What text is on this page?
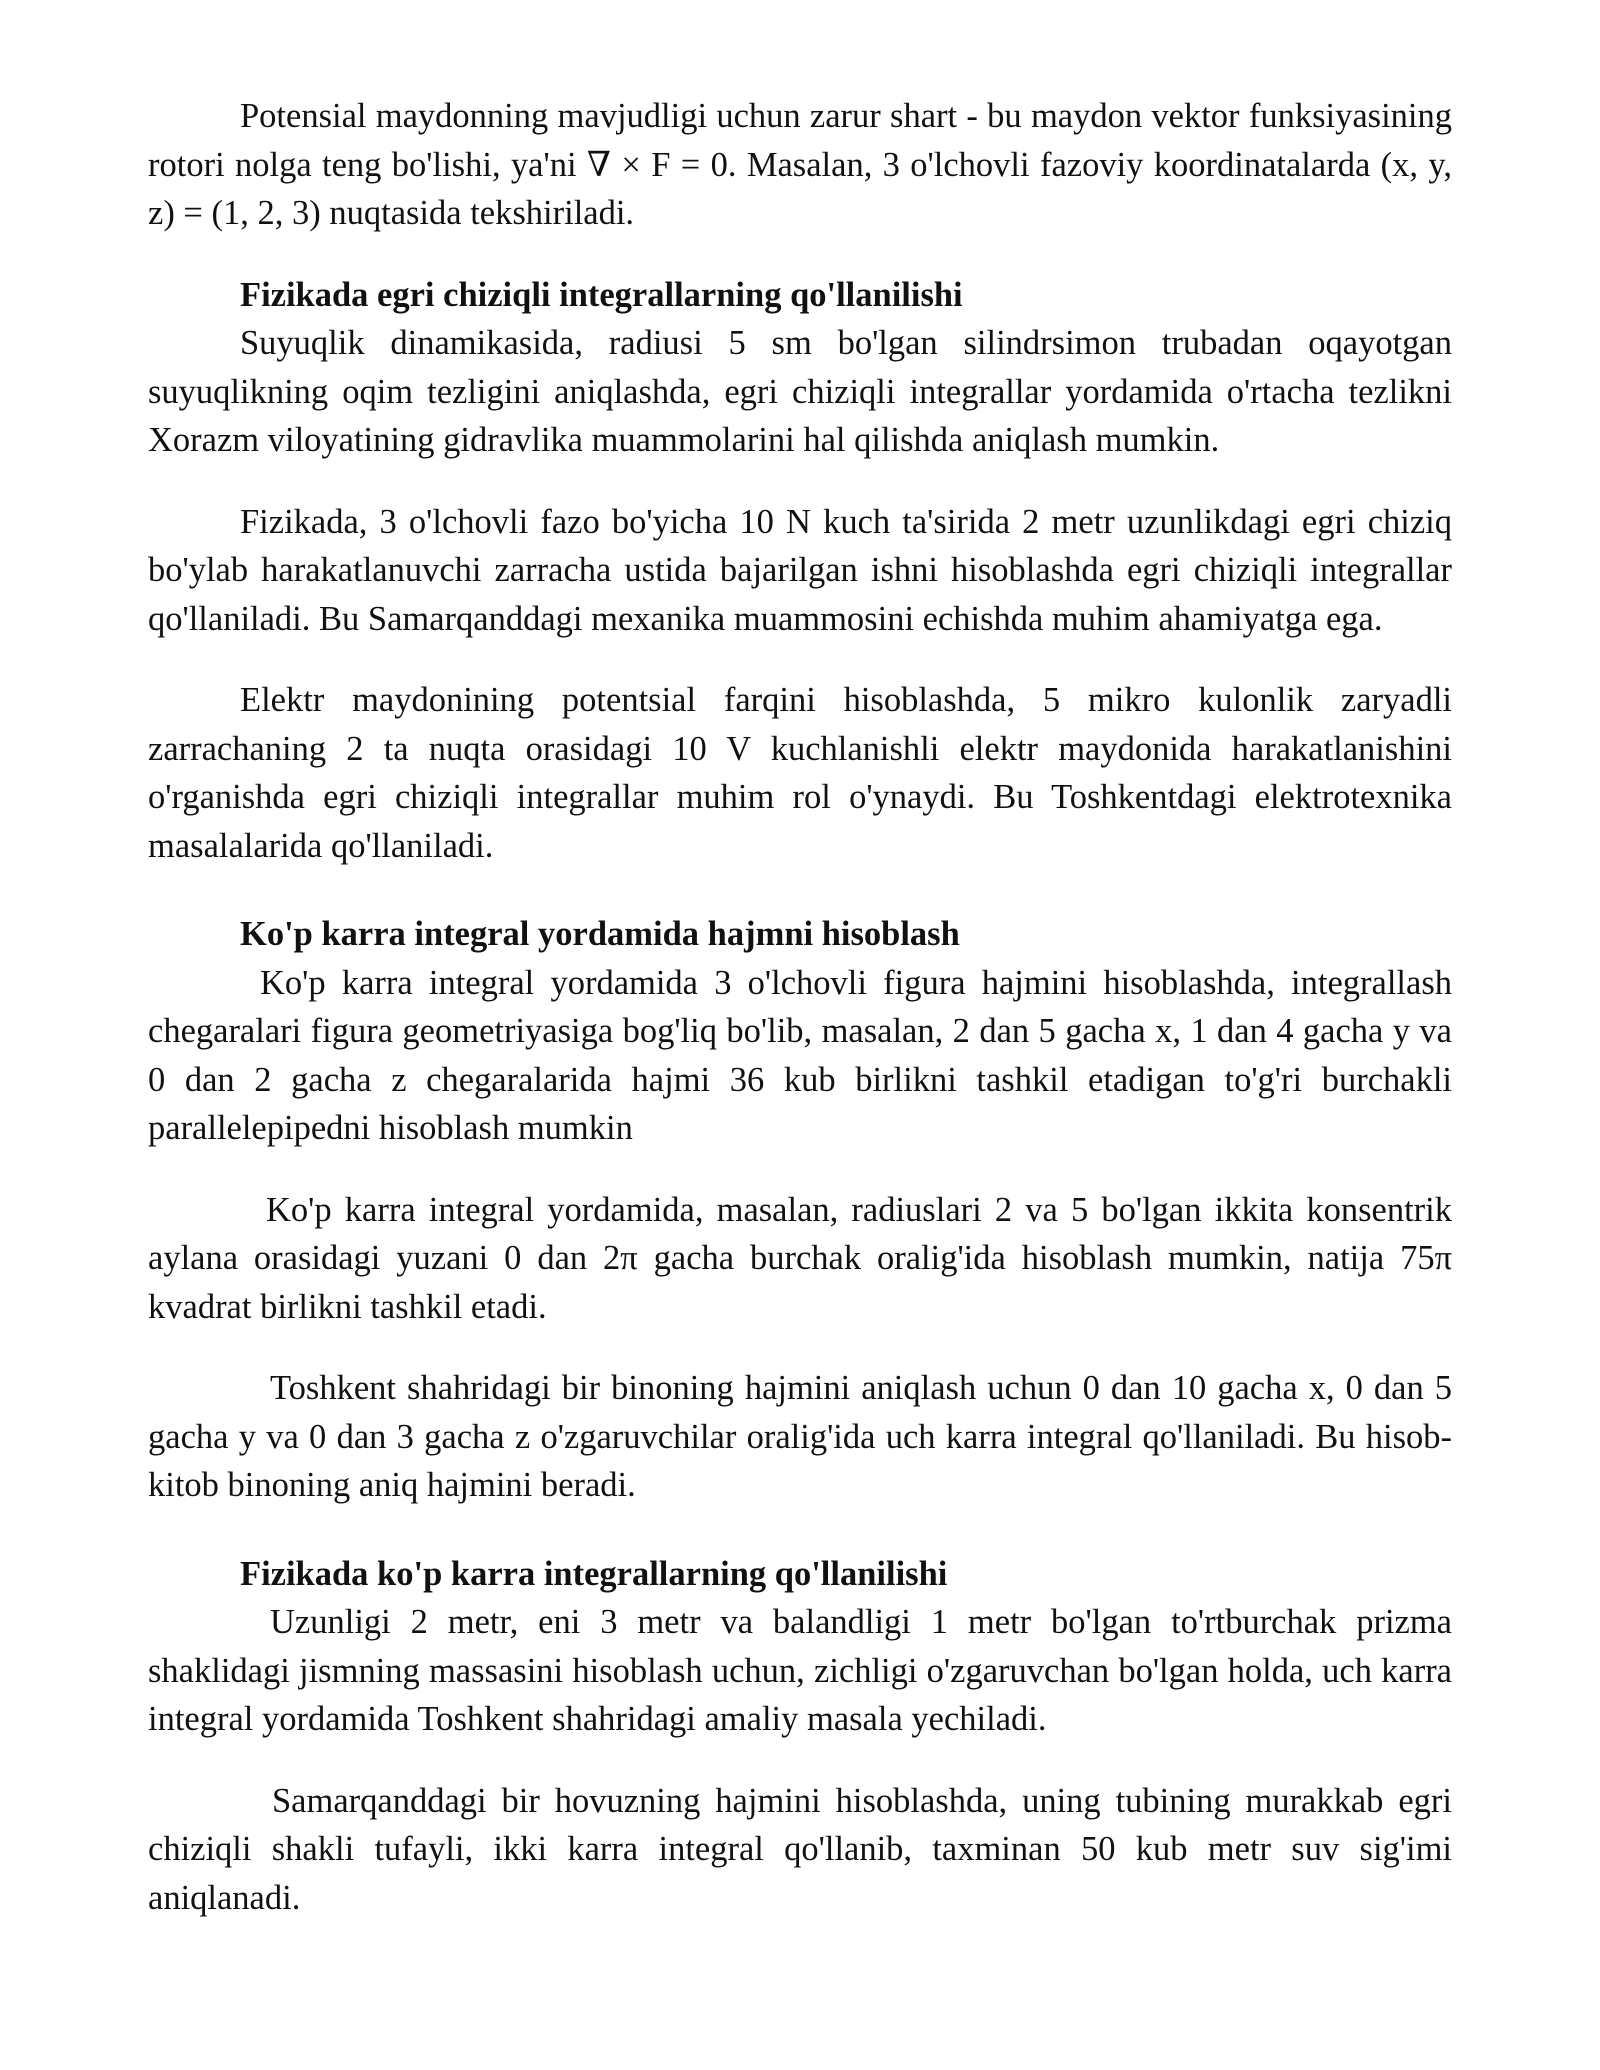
Potensial maydonning mavjudligi uchun zarur shart - bu maydon vektor funksiyasining rotori nolga teng bo'lishi, ya'ni ∇ × F = 0. Masalan, 3 o'lchovli fazoviy koordinatalarda (x, y, z) = (1, 2, 3) nuqtasida tekshiriladi.

Fizikada egri chiziqli integrallarning qo'llanilishi

Suyuqlik dinamikasida, radiusi 5 sm bo'lgan silindrsimon trubadan oqayotgan suyuqlikning oqim tezligini aniqlashda, egri chiziqli integrallar yordamida o'rtacha tezlikni Xorazm viloyatining gidravlika muammolarini hal qilishda aniqlash mumkin.

Fizikada, 3 o'lchovli fazo bo'yicha 10 N kuch ta'sirida 2 metr uzunlikdagi egri chiziq bo'ylab harakatlanuvchi zarracha ustida bajarilgan ishni hisoblashda egri chiziqli integrallar qo'llaniladi. Bu Samarqanddagi mexanika muammosini echishda muhim ahamiyatga ega.

Elektr maydonining potentsial farqini hisoblashda, 5 mikro kulonlik zaryadli zarrachaning 2 ta nuqta orasidagi 10 V kuchlanishli elektr maydonida harakatlanishini o'rganishda egri chiziqli integrallar muhim rol o'ynaydi. Bu Toshkentdagi elektrotexnika masalalarida qo'llaniladi.

Ko'p karra integral yordamida hajmni hisoblash

Ko'p karra integral yordamida 3 o'lchovli figura hajmini hisoblashda, integrallash chegaralari figura geometriyasiga bog'liq bo'lib, masalan, 2 dan 5 gacha x, 1 dan 4 gacha y va 0 dan 2 gacha z chegaralarida hajmi 36 kub birlikni tashkil etadigan to'g'ri burchakli parallelepipedni hisoblash mumkin

Ko'p karra integral yordamida, masalan, radiuslari 2 va 5 bo'lgan ikkita konsentrik aylana orasidagi yuzani 0 dan 2π gacha burchak oralig'ida hisoblash mumkin, natija 75π kvadrat birlikni tashkil etadi.

Toshkent shahridagi bir binoning hajmini aniqlash uchun 0 dan 10 gacha x, 0 dan 5 gacha y va 0 dan 3 gacha z o'zgaruvchilar oralig'ida uch karra integral qo'llaniladi. Bu hisob-kitob binoning aniq hajmini beradi.

Fizikada ko'p karra integrallarning qo'llanilishi

Uzunligi 2 metr, eni 3 metr va balandligi 1 metr bo'lgan to'rtburchak prizma shaklidagi jismning massasini hisoblash uchun, zichligi o'zgaruvchan bo'lgan holda, uch karra integral yordamida Toshkent shahridagi amaliy masala yechiladi.

Samarqanddagi bir hovuzning hajmini hisoblashda, uning tubining murakkab egri chiziqli shakli tufayli, ikki karra integral qo'llanib, taxminan 50 kub metr suv sig'imi aniqlanadi.
